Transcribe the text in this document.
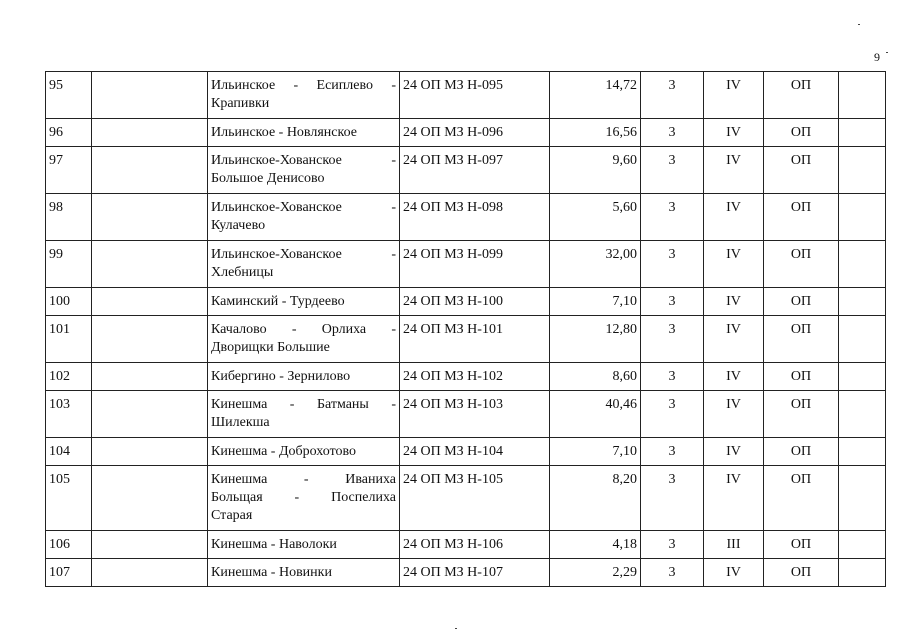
9
95		Ильинское - Есиплево -
Крапивки	24 ОП МЗ Н-095	14,72	3	IV	ОП	
96		Ильинское - Новлянское	24 ОП МЗ Н-096	16,56	3	IV	ОП	
97		Ильинское-Хованское -
Большое Денисово	24 ОП МЗ Н-097	9,60	3	IV	ОП	
98		Ильинское-Хованское -
Кулачево	24 ОП МЗ Н-098	5,60	3	IV	ОП	
99		Ильинское-Хованское -
Хлебницы	24 ОП МЗ Н-099	32,00	3	IV	ОП	
100		Каминский - Турдеево	24 ОП МЗ Н-100	7,10	3	IV	ОП	
101		Качалово - Орлиха -
Дворищки Большие	24 ОП МЗ Н-101	12,80	3	IV	ОП	
102		Кибергино - Зернилово	24 ОП МЗ Н-102	8,60	3	IV	ОП	
103		Кинешма - Батманы -
Шилекша	24 ОП МЗ Н-103	40,46	3	IV	ОП	
104		Кинешма - Доброхотово	24 ОП МЗ Н-104	7,10	3	IV	ОП	
105		Кинешма - Иваниха
Больщая - Поспелиха
Старая	24 ОП МЗ Н-105	8,20	3	IV	ОП	
106		Кинешма - Наволоки	24 ОП МЗ Н-106	4,18	3	III	ОП	
107		Кинешма - Новинки	24 ОП МЗ Н-107	2,29	3	IV	ОП	
